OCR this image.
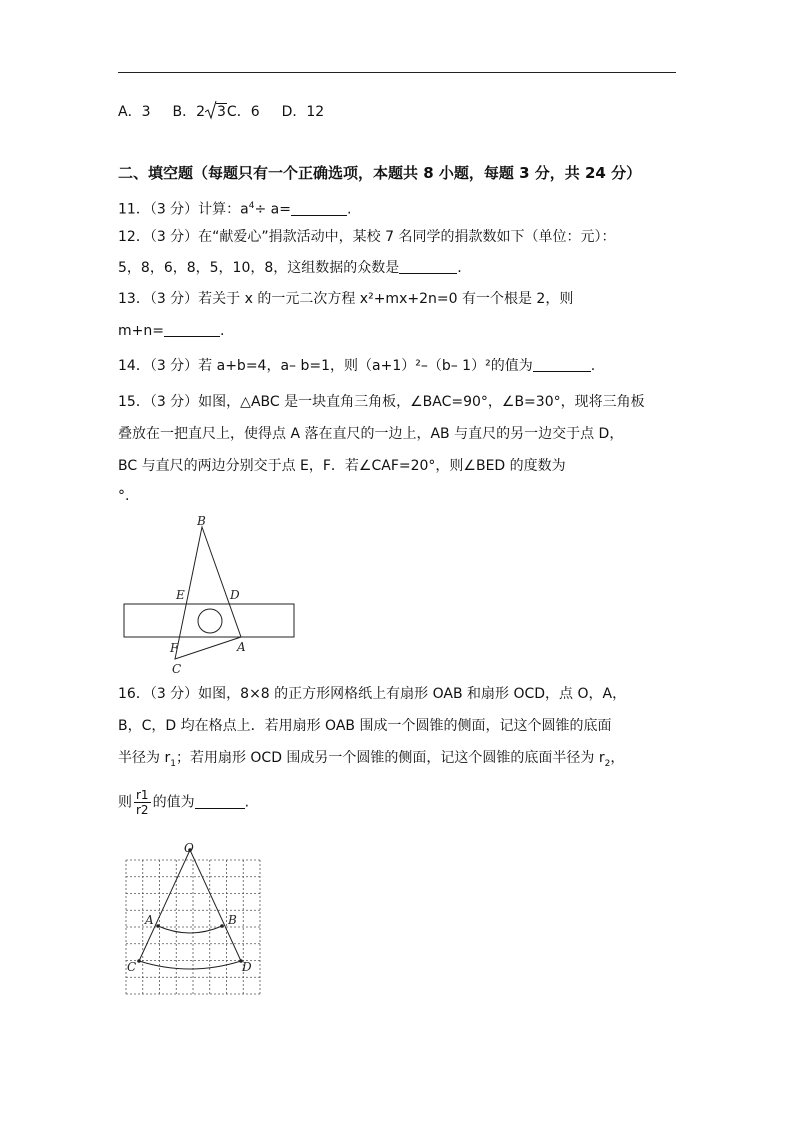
A．3 B．2 3C．6 D．12
二、填空题（每题只有一个正确选项，本题共 8 小题，每题 3 分，共 24 分）
11．（3 分）计算：$a^4\div a=$	.
12．（3 分）在“献爱心”捐款活动中，某校 7 名同学的捐款数如下（单位：元）：
5，8，6，8，5，10，8，这组数据的众数是	.
13．（3 分）若关于 x 的一元二次方程 x²+mx+2n=0 有一个根是 2，则
m+n=	.
14．（3 分）若 a+b=4，a– b=1，则（a+1）²–（b– 1）²的值为	.
15．（3 分）如图，△ABC 是一块直角三角板，∠BAC=90°，∠B=30°，现将三角板
叠放在一把直尺上，使得点 A 落在直尺的一边上，AB 与直尺的另一边交于点 D，
BC 与直尺的两边分别交于点 E，F．若∠CAF=20°，则∠BED 的度数为
°.
B
E	D
F	A
C
16．（3 分）如图，8×8 的正方形网格纸上有扇形 OAB 和扇形 OCD，点 O，A，
B，C，D 均在格点上．若用扇形 OAB 围成一个圆锥的侧面，记这个圆锥的底面
半径为 $r_1$；若用扇形 OCD 围成另一个圆锥的侧面，记这个圆锥的底面半径为 $r_2$，
则 $\frac{r1}{r2}$ 的值为	.
O
A	B
C	D
